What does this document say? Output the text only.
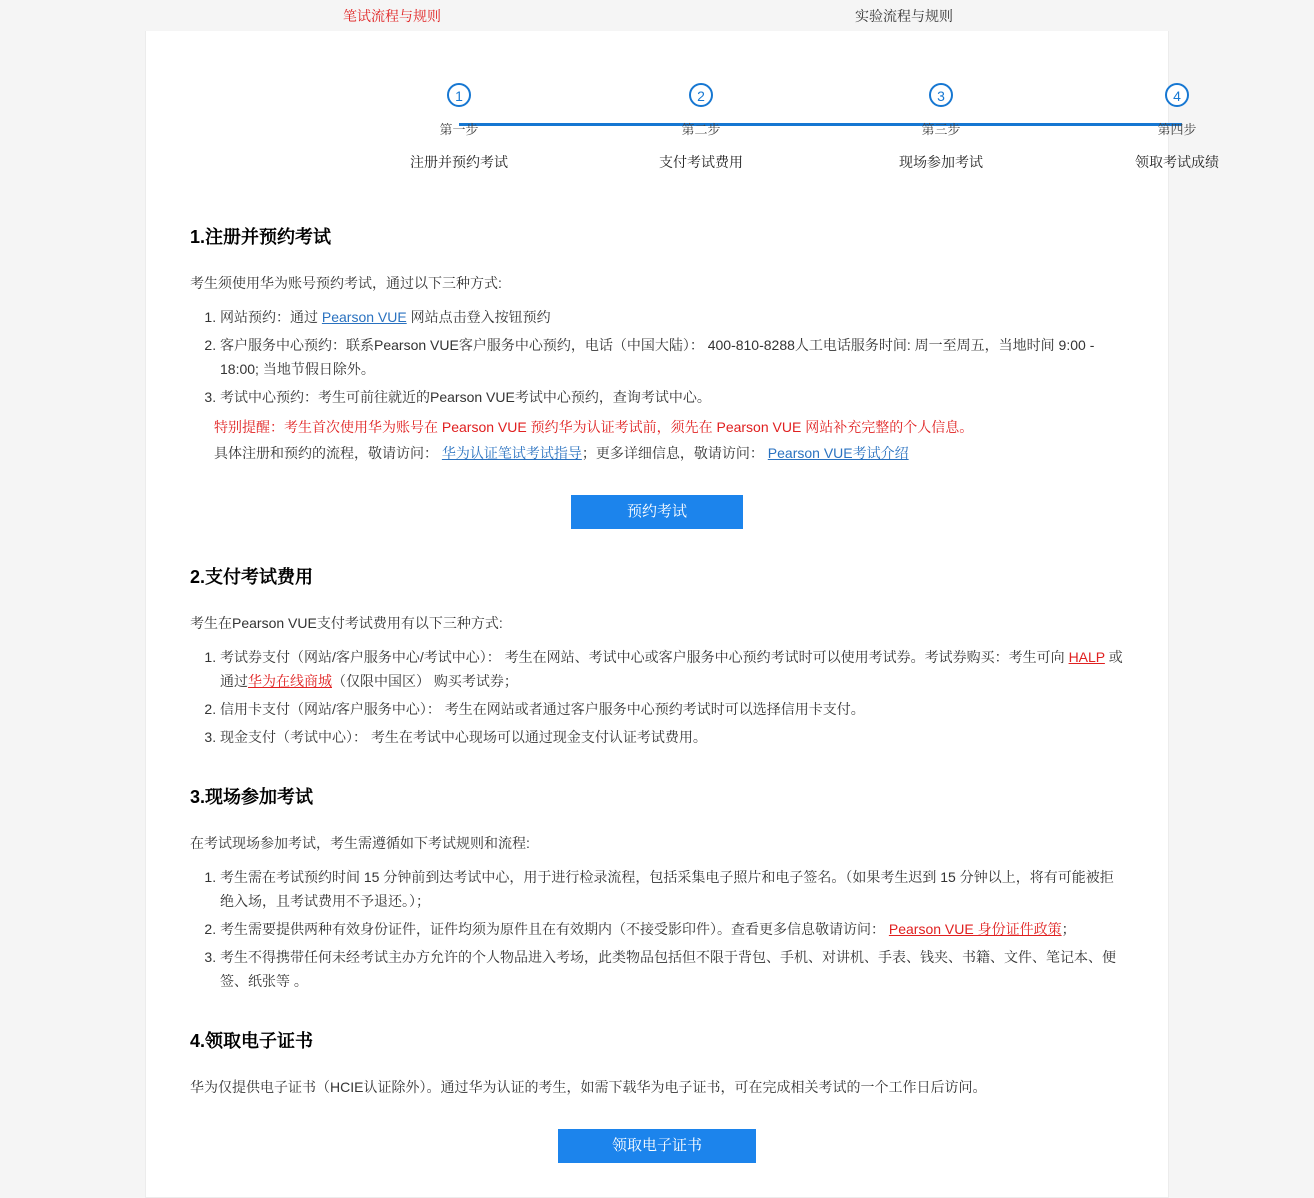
笔试流程与规则	实验流程与规则
1
第一步
注册并预约考试
2
第二步
支付考试费用
3
第三步
现场参加考试
4
第四步
领取考试成绩
1.注册并预约考试

考生须使用华为账号预约考试，通过以下三种方式:

1. 网站预约：通过 Pearson VUE 网站点击登入按钮预约
2. 客户服务中心预约：联系Pearson VUE客户服务中心预约，电话（中国大陆）： 400-810-8288人工电话服务时间: 周一至周五，当地时间 9:00 - 18:00; 当地节假日除外。
3. 考试中心预约：考生可前往就近的Pearson VUE考试中心预约，查询考试中心。
特别提醒：考生首次使用华为账号在 Pearson VUE 预约华为认证考试前，须先在 Pearson VUE 网站补充完整的个人信息。
具体注册和预约的流程，敬请访问： 华为认证笔试考试指导；更多详细信息，敬请访问： Pearson VUE考试介绍
预约考试
2.支付考试费用

考生在Pearson VUE支付考试费用有以下三种方式:

1. 考试券支付（网站/客户服务中心/考试中心）： 考生在网站、考试中心或客户服务中心预约考试时可以使用考试券。考试券购买：考生可向 HALP 或通过华为在线商城（仅限中国区） 购买考试券；
2. 信用卡支付（网站/客户服务中心）： 考生在网站或者通过客户服务中心预约考试时可以选择信用卡支付。
3. 现金支付（考试中心）： 考生在考试中心现场可以通过现金支付认证考试费用。
3.现场参加考试

在考试现场参加考试，考生需遵循如下考试规则和流程:

1. 考生需在考试预约时间 15 分钟前到达考试中心，用于进行检录流程，包括采集电子照片和电子签名。（如果考生迟到 15 分钟以上，将有可能被拒绝入场，且考试费用不予退还。）；
2. 考生需要提供两种有效身份证件，证件均须为原件且在有效期内（不接受影印件）。查看更多信息敬请访问： Pearson VUE 身份证件政策；
3. 考生不得携带任何未经考试主办方允许的个人物品进入考场，此类物品包括但不限于背包、手机、对讲机、手表、钱夹、书籍、文件、笔记本、便签、纸张等 。
4.领取电子证书

华为仅提供电子证书（HCIE认证除外）。通过华为认证的考生，如需下载华为电子证书，可在完成相关考试的一个工作日后访问。

领取电子证书
